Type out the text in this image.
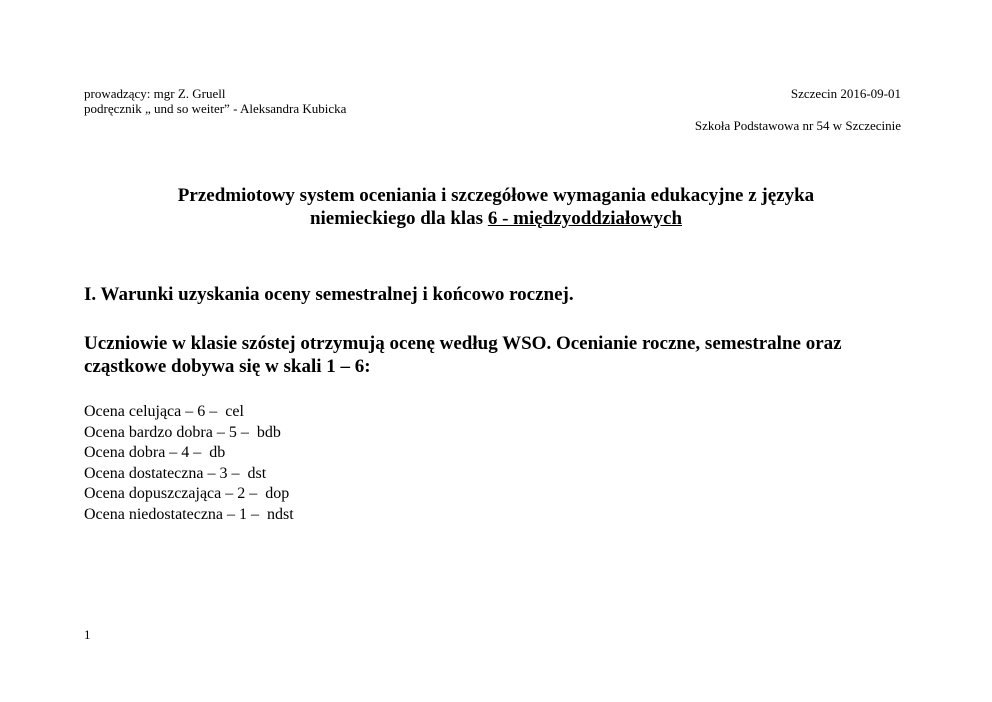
prowadzący: mgr Z. Gruell
podręcznik „ und so weiter” - Aleksandra Kubicka
Szczecin 2016-09-01
Szkoła Podstawowa nr 54 w Szczecinie
Przedmiotowy system oceniania i szczegółowe wymagania edukacyjne z języka
niemieckiego dla klas 6 - międzyoddziałowych
I. Warunki uzyskania oceny semestralnej i końcowo rocznej.
Uczniowie w klasie szóstej otrzymują ocenę według WSO. Ocenianie roczne, semestralne oraz cząstkowe dobywa się w skali 1 – 6:
Ocena celująca – 6 –  cel
Ocena bardzo dobra – 5 –  bdb
Ocena dobra – 4 –  db
Ocena dostateczna – 3 –  dst
Ocena dopuszczająca – 2 –  dop
Ocena niedostateczna – 1 –  ndst
1
